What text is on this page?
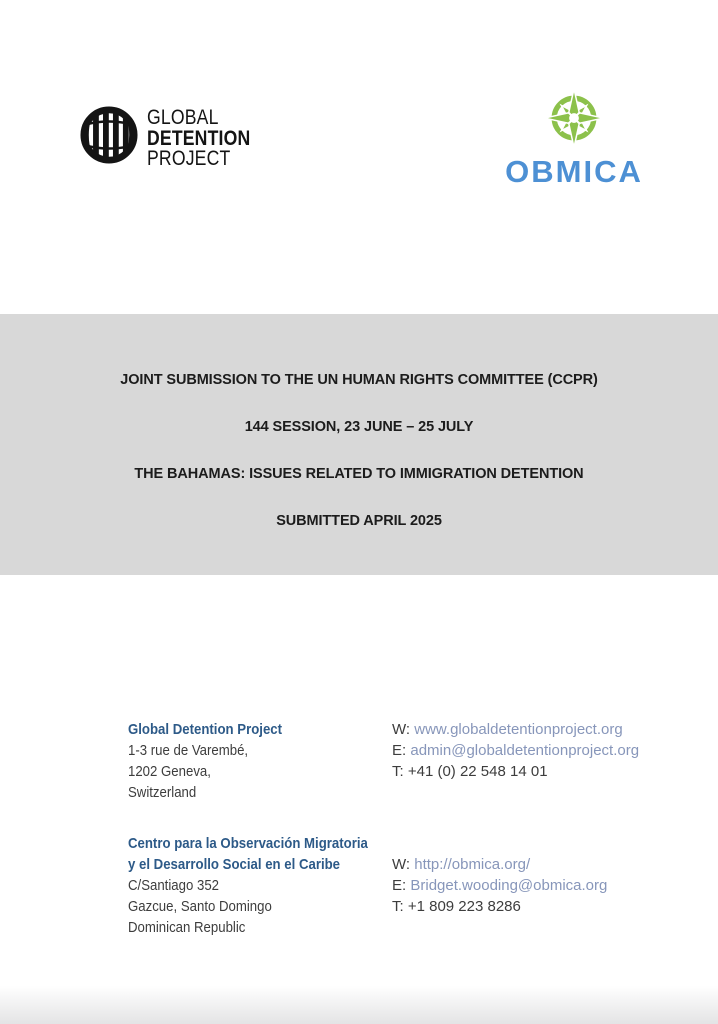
GLOBAL
DETENTION
PROJECT	OBMICA
JOINT SUBMISSION TO THE UN HUMAN RIGHTS COMMITTEE (CCPR)
144 SESSION, 23 JUNE – 25 JULY
THE BAHAMAS: ISSUES RELATED TO IMMIGRATION DETENTION
SUBMITTED APRIL 2025
Global Detention Project
1-3 rue de Varembé,
1202 Geneva,
Switzerland
W: www.globaldetentionproject.org
E: admin@globaldetentionproject.org
T: +41 (0) 22 548 14 01
Centro para la Observación Migratoria
y el Desarrollo Social en el Caribe
C/Santiago 352
Gazcue, Santo Domingo
Dominican Republic
W: http://obmica.org/
E: Bridget.wooding@obmica.org
T: +1 809 223 8286
